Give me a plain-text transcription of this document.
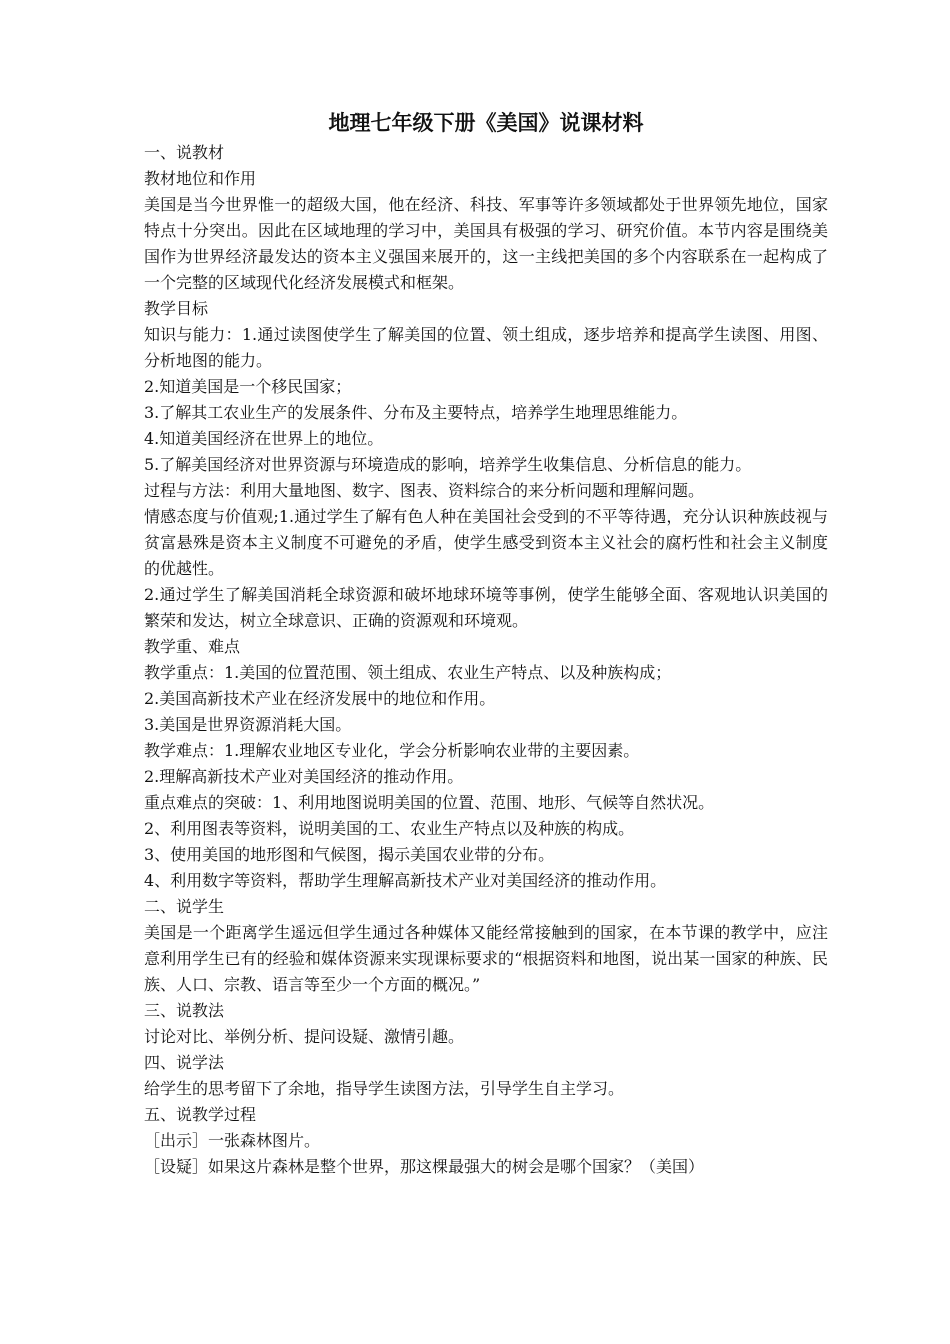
地理七年级下册《美国》说课材料
一、说教材
教材地位和作用
美国是当今世界惟一的超级大国，他在经济、科技、军事等许多领域都处于世界领先地位，国家特点十分突出。因此在区域地理的学习中，美国具有极强的学习、研究价值。本节内容是围绕美国作为世界经济最发达的资本主义强国来展开的，这一主线把美国的多个内容联系在一起构成了一个完整的区域现代化经济发展模式和框架。
教学目标
知识与能力：1.通过读图使学生了解美国的位置、领土组成，逐步培养和提高学生读图、用图、分析地图的能力。
2.知道美国是一个移民国家；
3.了解其工农业生产的发展条件、分布及主要特点，培养学生地理思维能力。
4.知道美国经济在世界上的地位。
5.了解美国经济对世界资源与环境造成的影响，培养学生收集信息、分析信息的能力。
过程与方法：利用大量地图、数字、图表、资料综合的来分析问题和理解问题。
情感态度与价值观;1.通过学生了解有色人种在美国社会受到的不平等待遇，充分认识种族歧视与贫富悬殊是资本主义制度不可避免的矛盾，使学生感受到资本主义社会的腐朽性和社会主义制度的优越性。
2.通过学生了解美国消耗全球资源和破坏地球环境等事例，使学生能够全面、客观地认识美国的繁荣和发达，树立全球意识、正确的资源观和环境观。
教学重、难点
教学重点：1.美国的位置范围、领土组成、农业生产特点、以及种族构成；
2.美国高新技术产业在经济发展中的地位和作用。
3.美国是世界资源消耗大国。
教学难点：1.理解农业地区专业化，学会分析影响农业带的主要因素。
2.理解高新技术产业对美国经济的推动作用。
重点难点的突破：1、利用地图说明美国的位置、范围、地形、气候等自然状况。
2、利用图表等资料，说明美国的工、农业生产特点以及种族的构成。
3、使用美国的地形图和气候图，揭示美国农业带的分布。
4、利用数字等资料，帮助学生理解高新技术产业对美国经济的推动作用。
二、说学生
美国是一个距离学生遥远但学生通过各种媒体又能经常接触到的国家，在本节课的教学中，应注意利用学生已有的经验和媒体资源来实现课标要求的“根据资料和地图，说出某一国家的种族、民族、人口、宗教、语言等至少一个方面的概况。”
三、说教法
讨论对比、举例分析、提问设疑、激情引趣。
四、说学法
给学生的思考留下了余地，指导学生读图方法，引导学生自主学习。
五、说教学过程
［出示］一张森林图片。
［设疑］如果这片森林是整个世界，那这棵最强大的树会是哪个国家？（美国）
